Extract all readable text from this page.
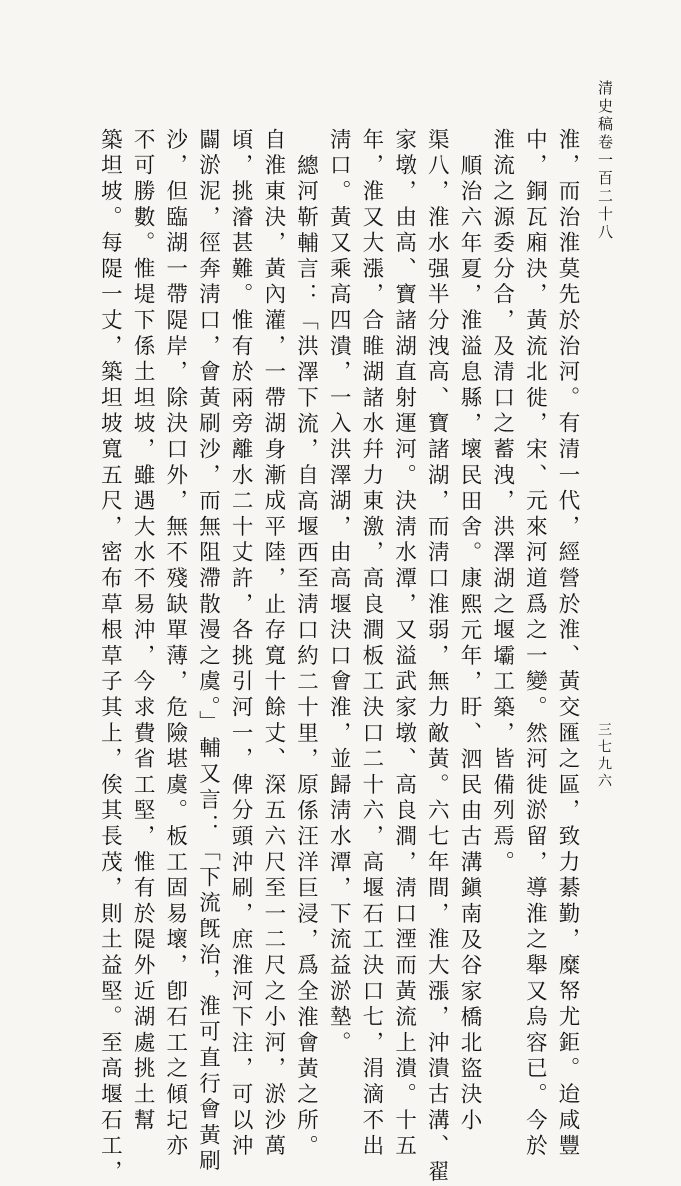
清史稿卷一百二十八
三七九六
淮，而治淮莫先於治河。有清一代，經營於淮、黃交匯之區，致力綦勤，糜帑尤鉅。迨咸豐
中，銅瓦廂決，黃流北徙，宋、元來河道爲之一變。然河徙淤留，導淮之舉又烏容已。今於
淮流之源委分合，及清口之蓄洩，洪澤湖之堰壩工築，皆備列焉。
順治六年夏，淮溢息縣，壞民田舍。康熙元年，盱、泗民由古溝鎭南及谷家橋北盜決小
渠八，淮水强半分洩高、寶諸湖，而淸口淮弱，無力敵黃。六七年間，淮大漲，沖潰古溝、翟
家墩，由高、寶諸湖直射運河。決淸水潭，又溢武家墩、高良澗，淸口湮而黃流上潰。十五
年，淮又大漲，合睢湖諸水幷力東激，高良澗板工決口二十六，高堰石工決口七，涓滴不出
淸口。黃又乘高四潰，一入洪澤湖，由高堰決口會淮，並歸淸水潭，下流益淤墊。
總河靳輔言：「洪澤下流，自高堰西至淸口約二十里，原係汪洋巨浸，爲全淮會黃之所。
自淮東決，黃內灌，一帶湖身漸成平陸，止存寬十餘丈、深五六尺至一二尺之小河，淤沙萬
頃，挑濬甚難。惟有於兩旁離水二十丈許，各挑引河一，俾分頭沖刷，庶淮河下注，可以沖
闢淤泥，徑奔淸口，會黃刷沙，而無阻滯散漫之虞。」輔又言：「下流旣治，淮可直行會黃刷
沙，但臨湖一帶隄岸，除決口外，無不殘缺單薄，危險堪虞。板工固易壞，卽石工之傾圮亦
不可勝數。惟堤下係土坦坡，雖遇大水不易沖，今求費省工堅，惟有於隄外近湖處挑土幫
築坦坡。每隄一丈，築坦坡寬五尺，密布草根草子其上，俟其長茂，則土益堅。至高堰石工，
